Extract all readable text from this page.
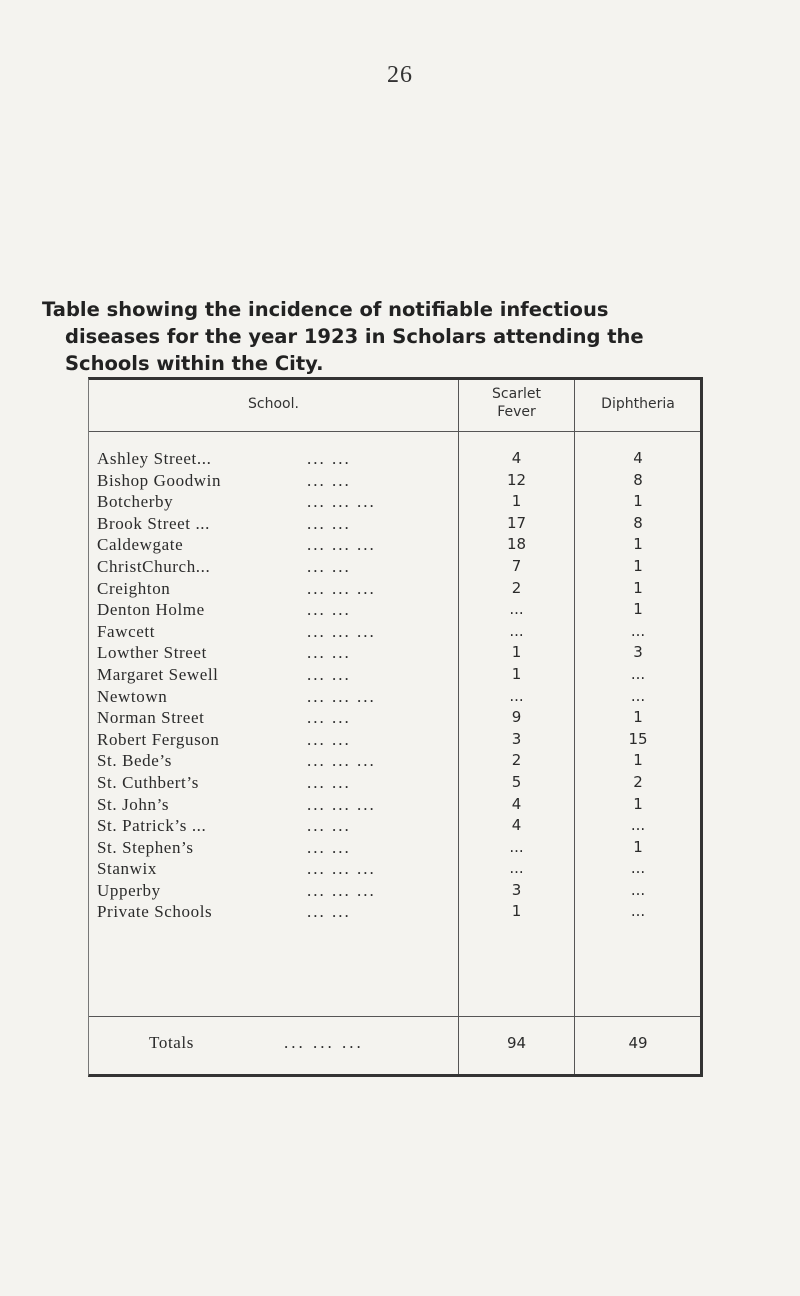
26
Table showing the incidence of notifiable infectious
diseases for the year 1923 in Scholars attending the
Schools within the City.
School.
Scarlet
Fever	Diphtheria
Ashley Street...	... ...	4	4
Bishop Goodwin	... ...	12	8
Botcherby	... ... ...	1	1
Brook Street ...	... ...	17	8
Caldewgate	... ... ...	18	1
ChristChurch...	... ...	7	1
Creighton	... ... ...	2	1
Denton Holme	... ...	...	1
Fawcett	... ... ...	...	...
Lowther Street	... ...	1	3
Margaret Sewell	... ...	1	...
Newtown	... ... ...	...	...
Norman Street	... ...	9	1
Robert Ferguson	... ...	3	15
St. Bede’s	... ... ...	2	1
St. Cuthbert’s	... ...	5	2
St. John’s	... ... ...	4	1
St. Patrick’s ...	... ...	4	...
St. Stephen’s	... ...	...	1
Stanwix	... ... ...	...	...
Upperby	... ... ...	3	...
Private Schools	... ...	1	...
Totals	... ... ...	94	49
